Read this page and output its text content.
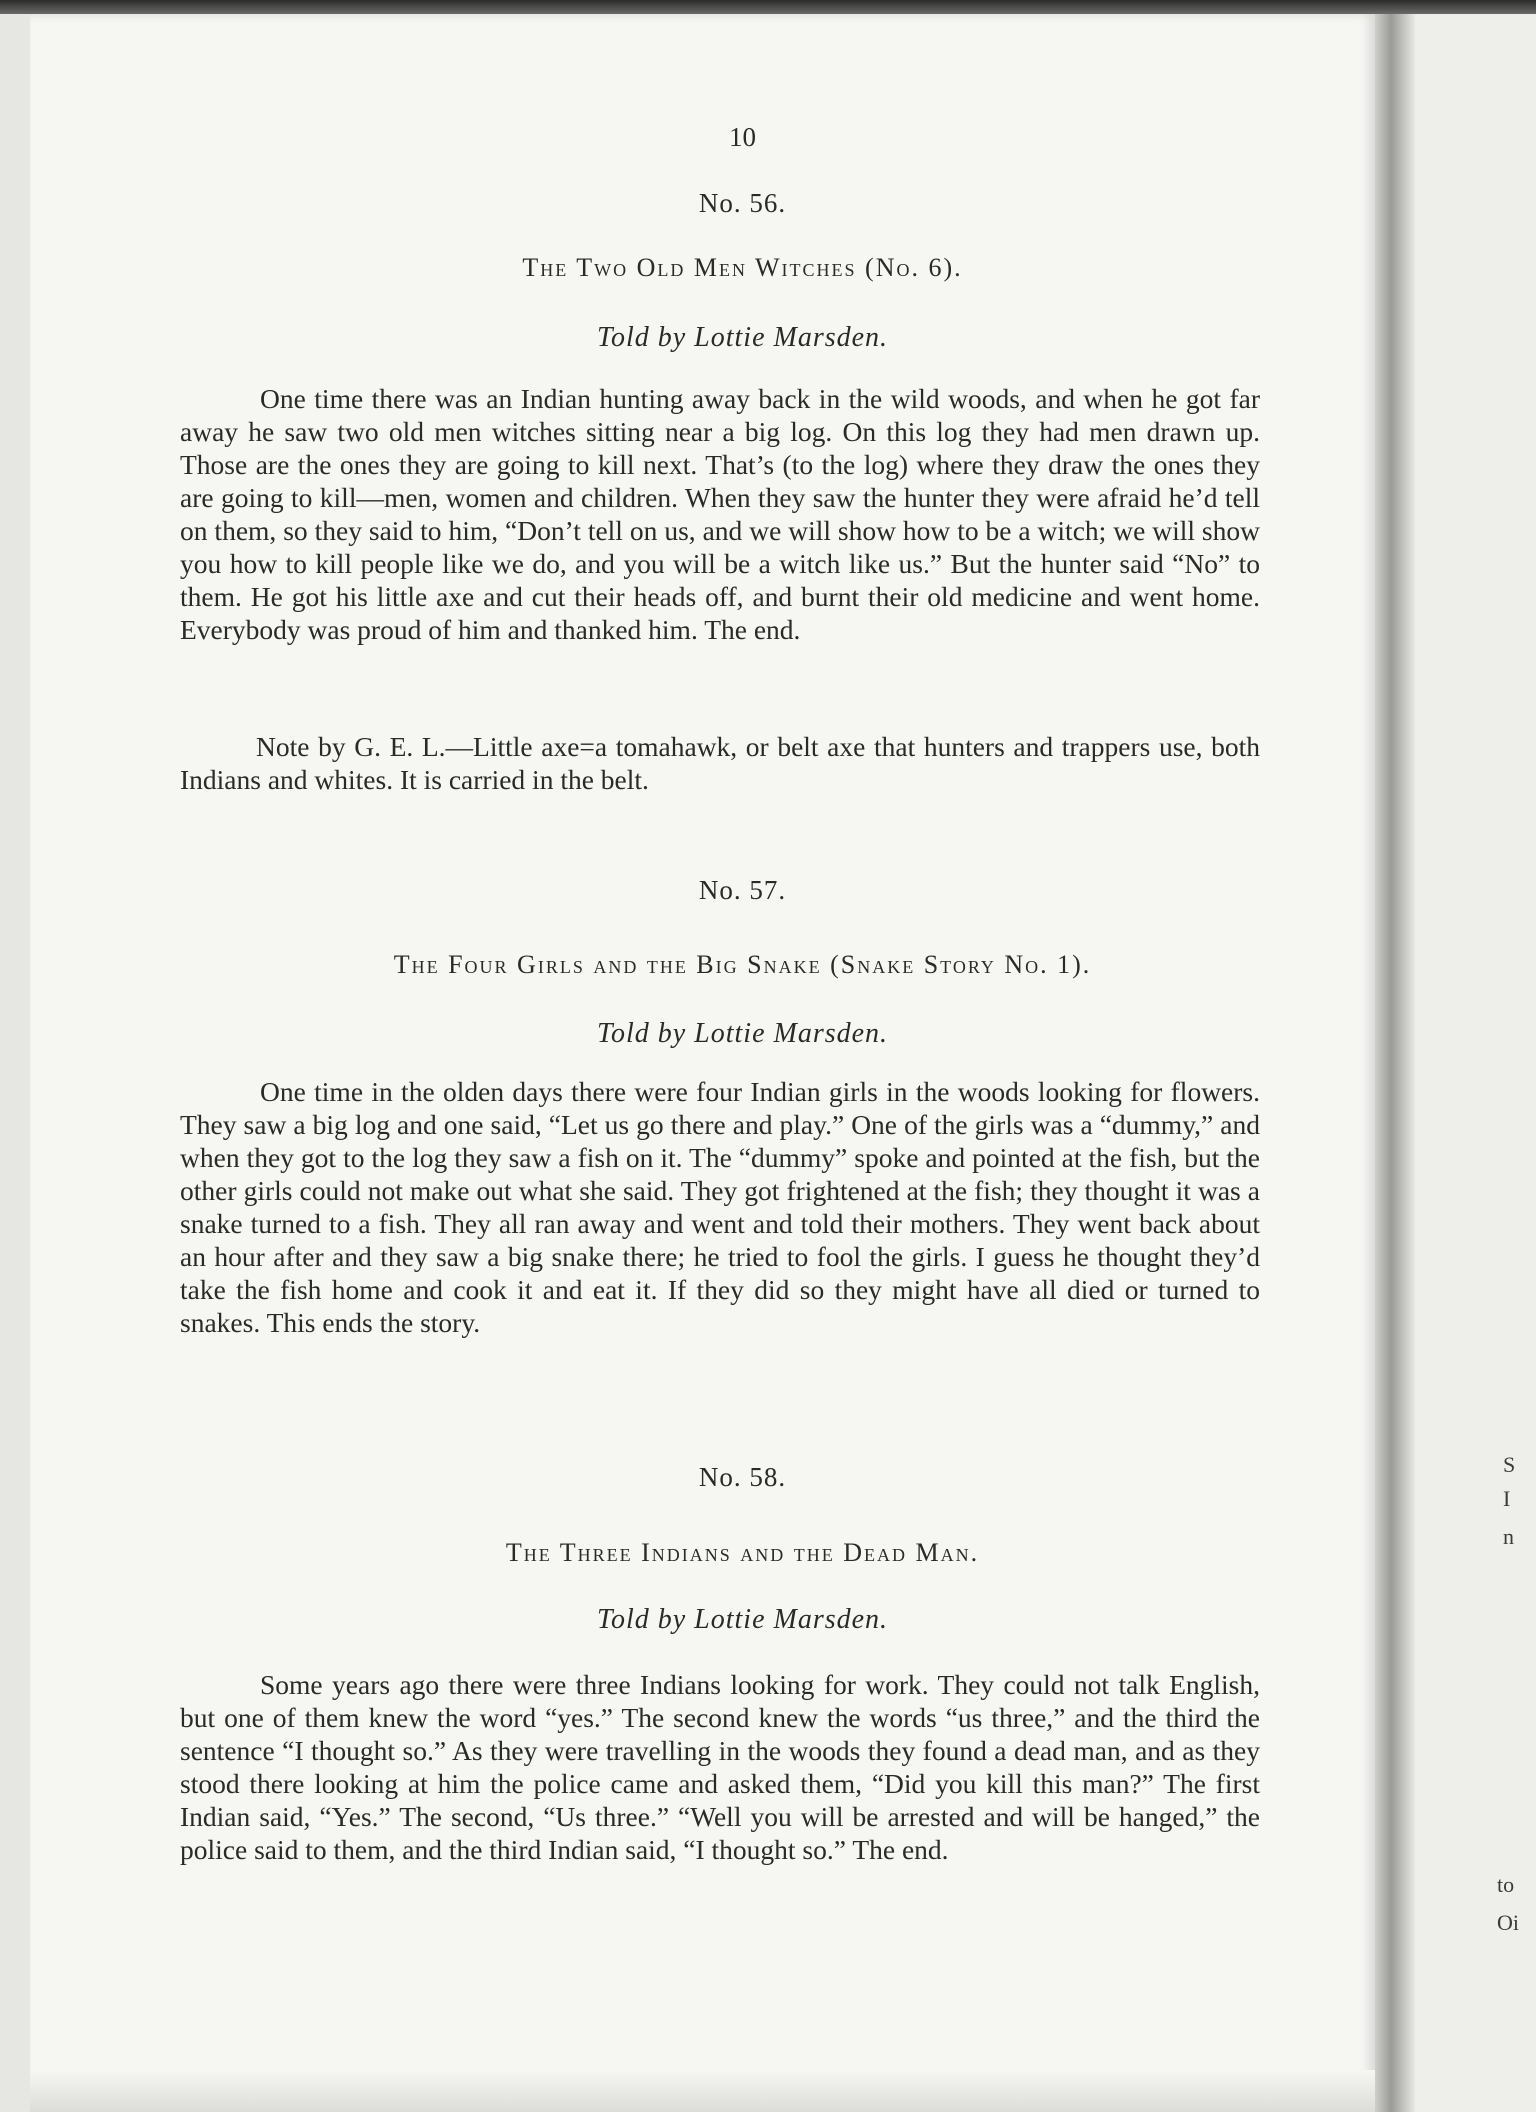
S
I
n
to
Oi
10
No. 56.
The Two Old Men Witches (No. 6).
Told by Lottie Marsden.

One time there was an Indian hunting away back in the wild woods, and when he got far away he saw two old men witches sitting near a big log. On this log they had men drawn up. Those are the ones they are going to kill next. That’s (to the log) where they draw the ones they are going to kill—men, women and children. When they saw the hunter they were afraid he’d tell on them, so they said to him, “Don’t tell on us, and we will show how to be a witch; we will show you how to kill people like we do, and you will be a witch like us.” But the hunter said “No” to them. He got his little axe and cut their heads off, and burnt their old medicine and went home. Everybody was proud of him and thanked him. The end.

Note by G. E. L.—Little axe=a tomahawk, or belt axe that hunters and trappers use, both Indians and whites. It is carried in the belt.

No. 57.
The Four Girls and the Big Snake (Snake Story No. 1).
Told by Lottie Marsden.

One time in the olden days there were four Indian girls in the woods looking for flowers. They saw a big log and one said, “Let us go there and play.” One of the girls was a “dummy,” and when they got to the log they saw a fish on it. The “dummy” spoke and pointed at the fish, but the other girls could not make out what she said. They got frightened at the fish; they thought it was a snake turned to a fish. They all ran away and went and told their mothers. They went back about an hour after and they saw a big snake there; he tried to fool the girls. I guess he thought they’d take the fish home and cook it and eat it. If they did so they might have all died or turned to snakes. This ends the story.

No. 58.
The Three Indians and the Dead Man.
Told by Lottie Marsden.

Some years ago there were three Indians looking for work. They could not talk English, but one of them knew the word “yes.” The second knew the words “us three,” and the third the sentence “I thought so.” As they were travelling in the woods they found a dead man, and as they stood there looking at him the police came and asked them, “Did you kill this man?” The first Indian said, “Yes.” The second, “Us three.” “Well you will be arrested and will be hanged,” the police said to them, and the third Indian said, “I thought so.” The end.
